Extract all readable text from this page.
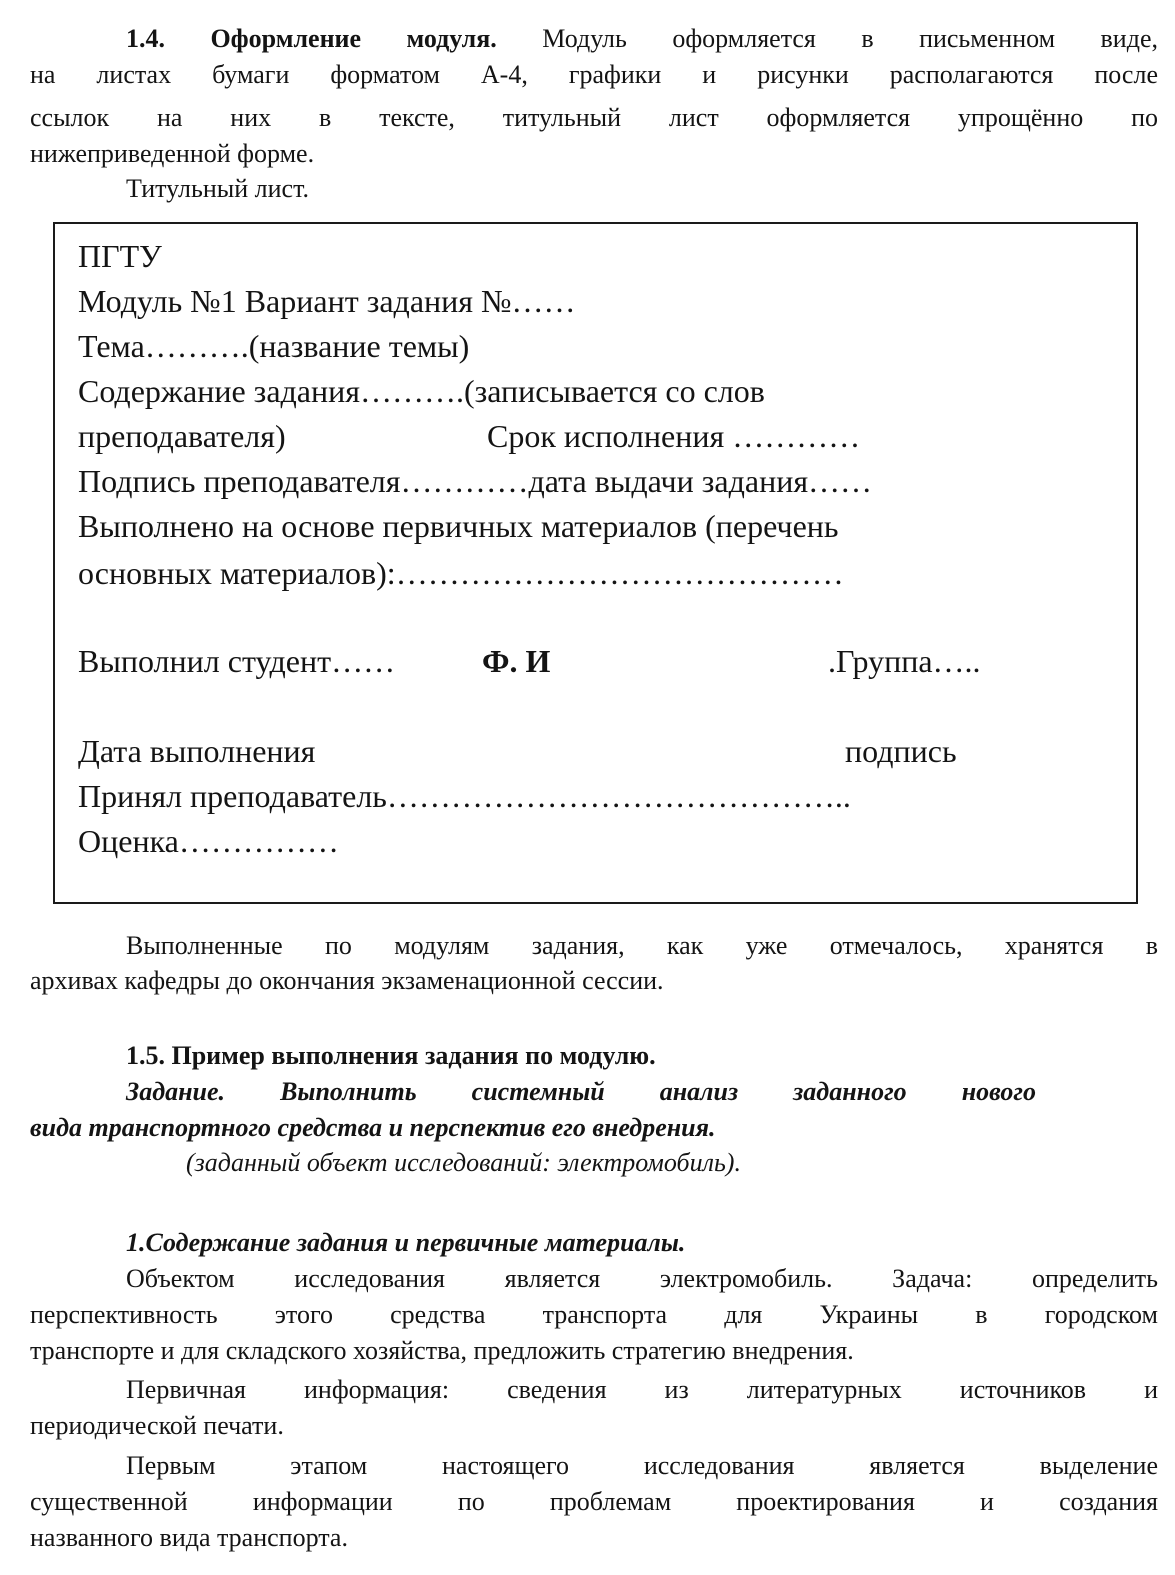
1.4. Оформление модуля. Модуль оформляется в письменном виде,
на листах бумаги форматом А-4, графики и рисунки располагаются после
ссылок на них в тексте, титульный лист оформляется упрощённо по
нижеприведенной форме.
Титульный лист.
ПГТУ
Модуль №1 Вариант задания №……
Тема……….(название темы)
Содержание задания……….(записывается со слов
преподавателя)	Срок исполнения …………
Подпись преподавателя…………дата выдачи задания……
Выполнено на основе первичных материалов (перечень
основных материалов):……………………………………
Выполнил студент……	Ф. И	.Группа…..
Дата выполнения	подпись
Принял преподаватель……………………………………..
Оценка……………
Выполненные по модулям задания, как уже отмечалось, хранятся в
архивах кафедры до окончания экзаменационной сессии.
1.5. Пример выполнения задания по модулю.
Задание. Выполнить системный анализ заданного нового
вида транспортного средства и перспектив его внедрения.
(заданный объект исследований: электромобиль).
1.Содержание задания и первичные материалы.
Объектом исследования является электромобиль. Задача: определить
перспективность этого средства транспорта для Украины в городском
транспорте и для складского хозяйства, предложить стратегию внедрения.
Первичная информация: сведения из литературных источников и
периодической печати.
Первым этапом настоящего исследования является выделение
существенной информации по проблемам проектирования и создания
названного вида транспорта.
